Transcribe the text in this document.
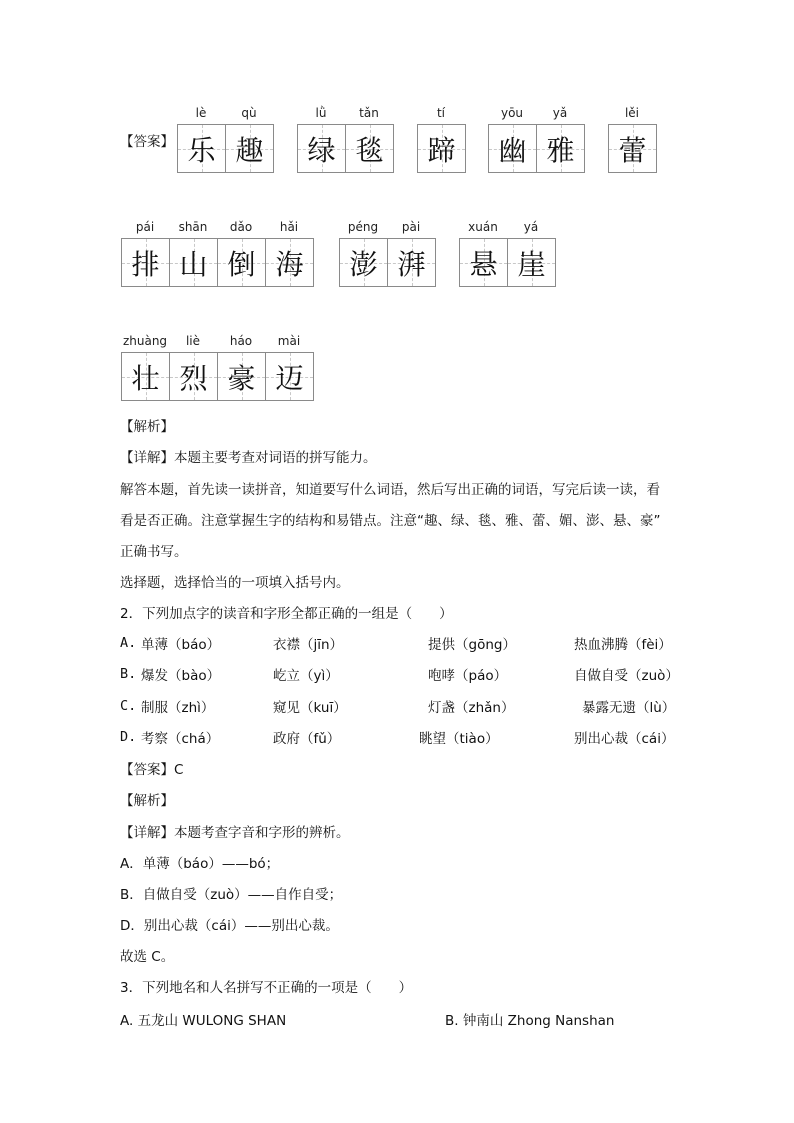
【答案】
lè	qù
乐 趣
lǜ	tǎn
绿 毯
tí
蹄
yōu	yǎ
幽 雅
lěi
蕾
pái	shān	dǎo	hǎi
排 山 倒 海
péng	pài
澎 湃
xuán	yá
悬 崖
zhuàng	liè	háo	mài
壮 烈 豪 迈
【解析】
【详解】本题主要考查对词语的拼写能力。
解答本题，首先读一读拼音，知道要写什么词语，然后写出正确的词语，写完后读一读，看
看是否正确。注意掌握生字的结构和易错点。注意“趣、绿、毯、雅、蕾、媚、澎、悬、豪”
正确书写。
选择题，选择恰当的一项填入括号内。
2．下列加点字的读音和字形全都正确的一组是（　　）
A. 单薄（báo）	衣襟（jīn）	提供（gōng）	热血沸腾（fèi）
B. 爆发（bào）	屹立（yì）	咆哮（páo）	自做自受（zuò）
C. 制服（zhì）	窥见（kuī）	灯盏（zhǎn）	暴露无遗（lù）
D. 考察（chá）	政府（fǔ）	眺望（tiào）	别出心裁（cái）
【答案】C
【解析】
【详解】本题考查字音和字形的辨析。
A．单薄（báo）——bó；
B．自做自受（zuò）——自作自受；
D．别出心裁（cái）——别出心裁。
故选 C。
3．下列地名和人名拼写不正确的一项是（　　）
A. 五龙山 WULONG SHAN	B. 钟南山 Zhong Nanshan
